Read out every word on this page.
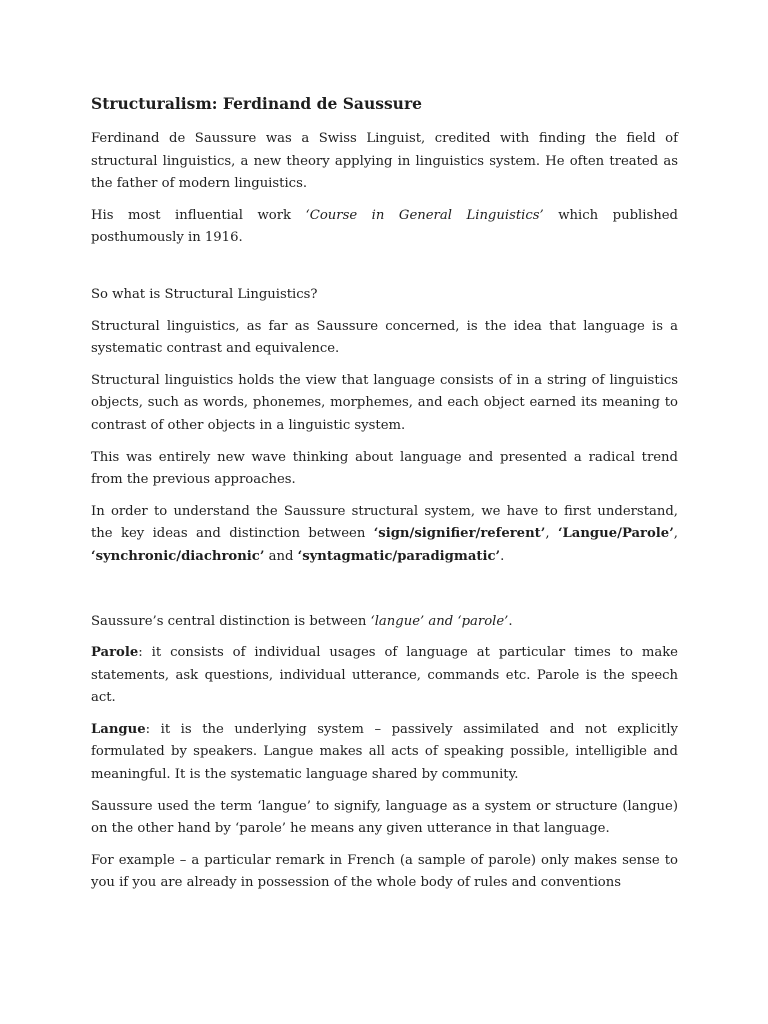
Structuralism: Ferdinand de Saussure

Ferdinand de Saussure was a Swiss Linguist, credited with finding the field of structural linguistics, a new theory applying in linguistics system. He often treated as the father of modern linguistics.

His most influential work ‘Course in General Linguistics’ which published posthumously in 1916.

So what is Structural Linguistics?

Structural linguistics, as far as Saussure concerned, is the idea that language is a systematic contrast and equivalence.

Structural linguistics holds the view that language consists of in a string of linguistics objects, such as words, phonemes, morphemes, and each object earned its meaning to contrast of other objects in a linguistic system.

This was entirely new wave thinking about language and presented a radical trend from the previous approaches.

In order to understand the Saussure structural system, we have to first understand, the key ideas and distinction between ‘sign/signifier/referent’, ‘Langue/Parole’, ‘synchronic/diachronic’ and ‘syntagmatic/paradigmatic’.

Saussure’s central distinction is between ‘langue’ and ‘parole’.

Parole: it consists of individual usages of language at particular times to make statements, ask questions, individual utterance, commands etc. Parole is the speech act.

Langue: it is the underlying system – passively assimilated and not explicitly formulated by speakers. Langue makes all acts of speaking possible, intelligible and meaningful. It is the systematic language shared by community.

Saussure used the term ‘langue’ to signify, language as a system or structure (langue) on the other hand by ‘parole’ he means any given utterance in that language.

For example – a particular remark in French (a sample of parole) only makes sense to you if you are already in possession of the whole body of rules and conventions
